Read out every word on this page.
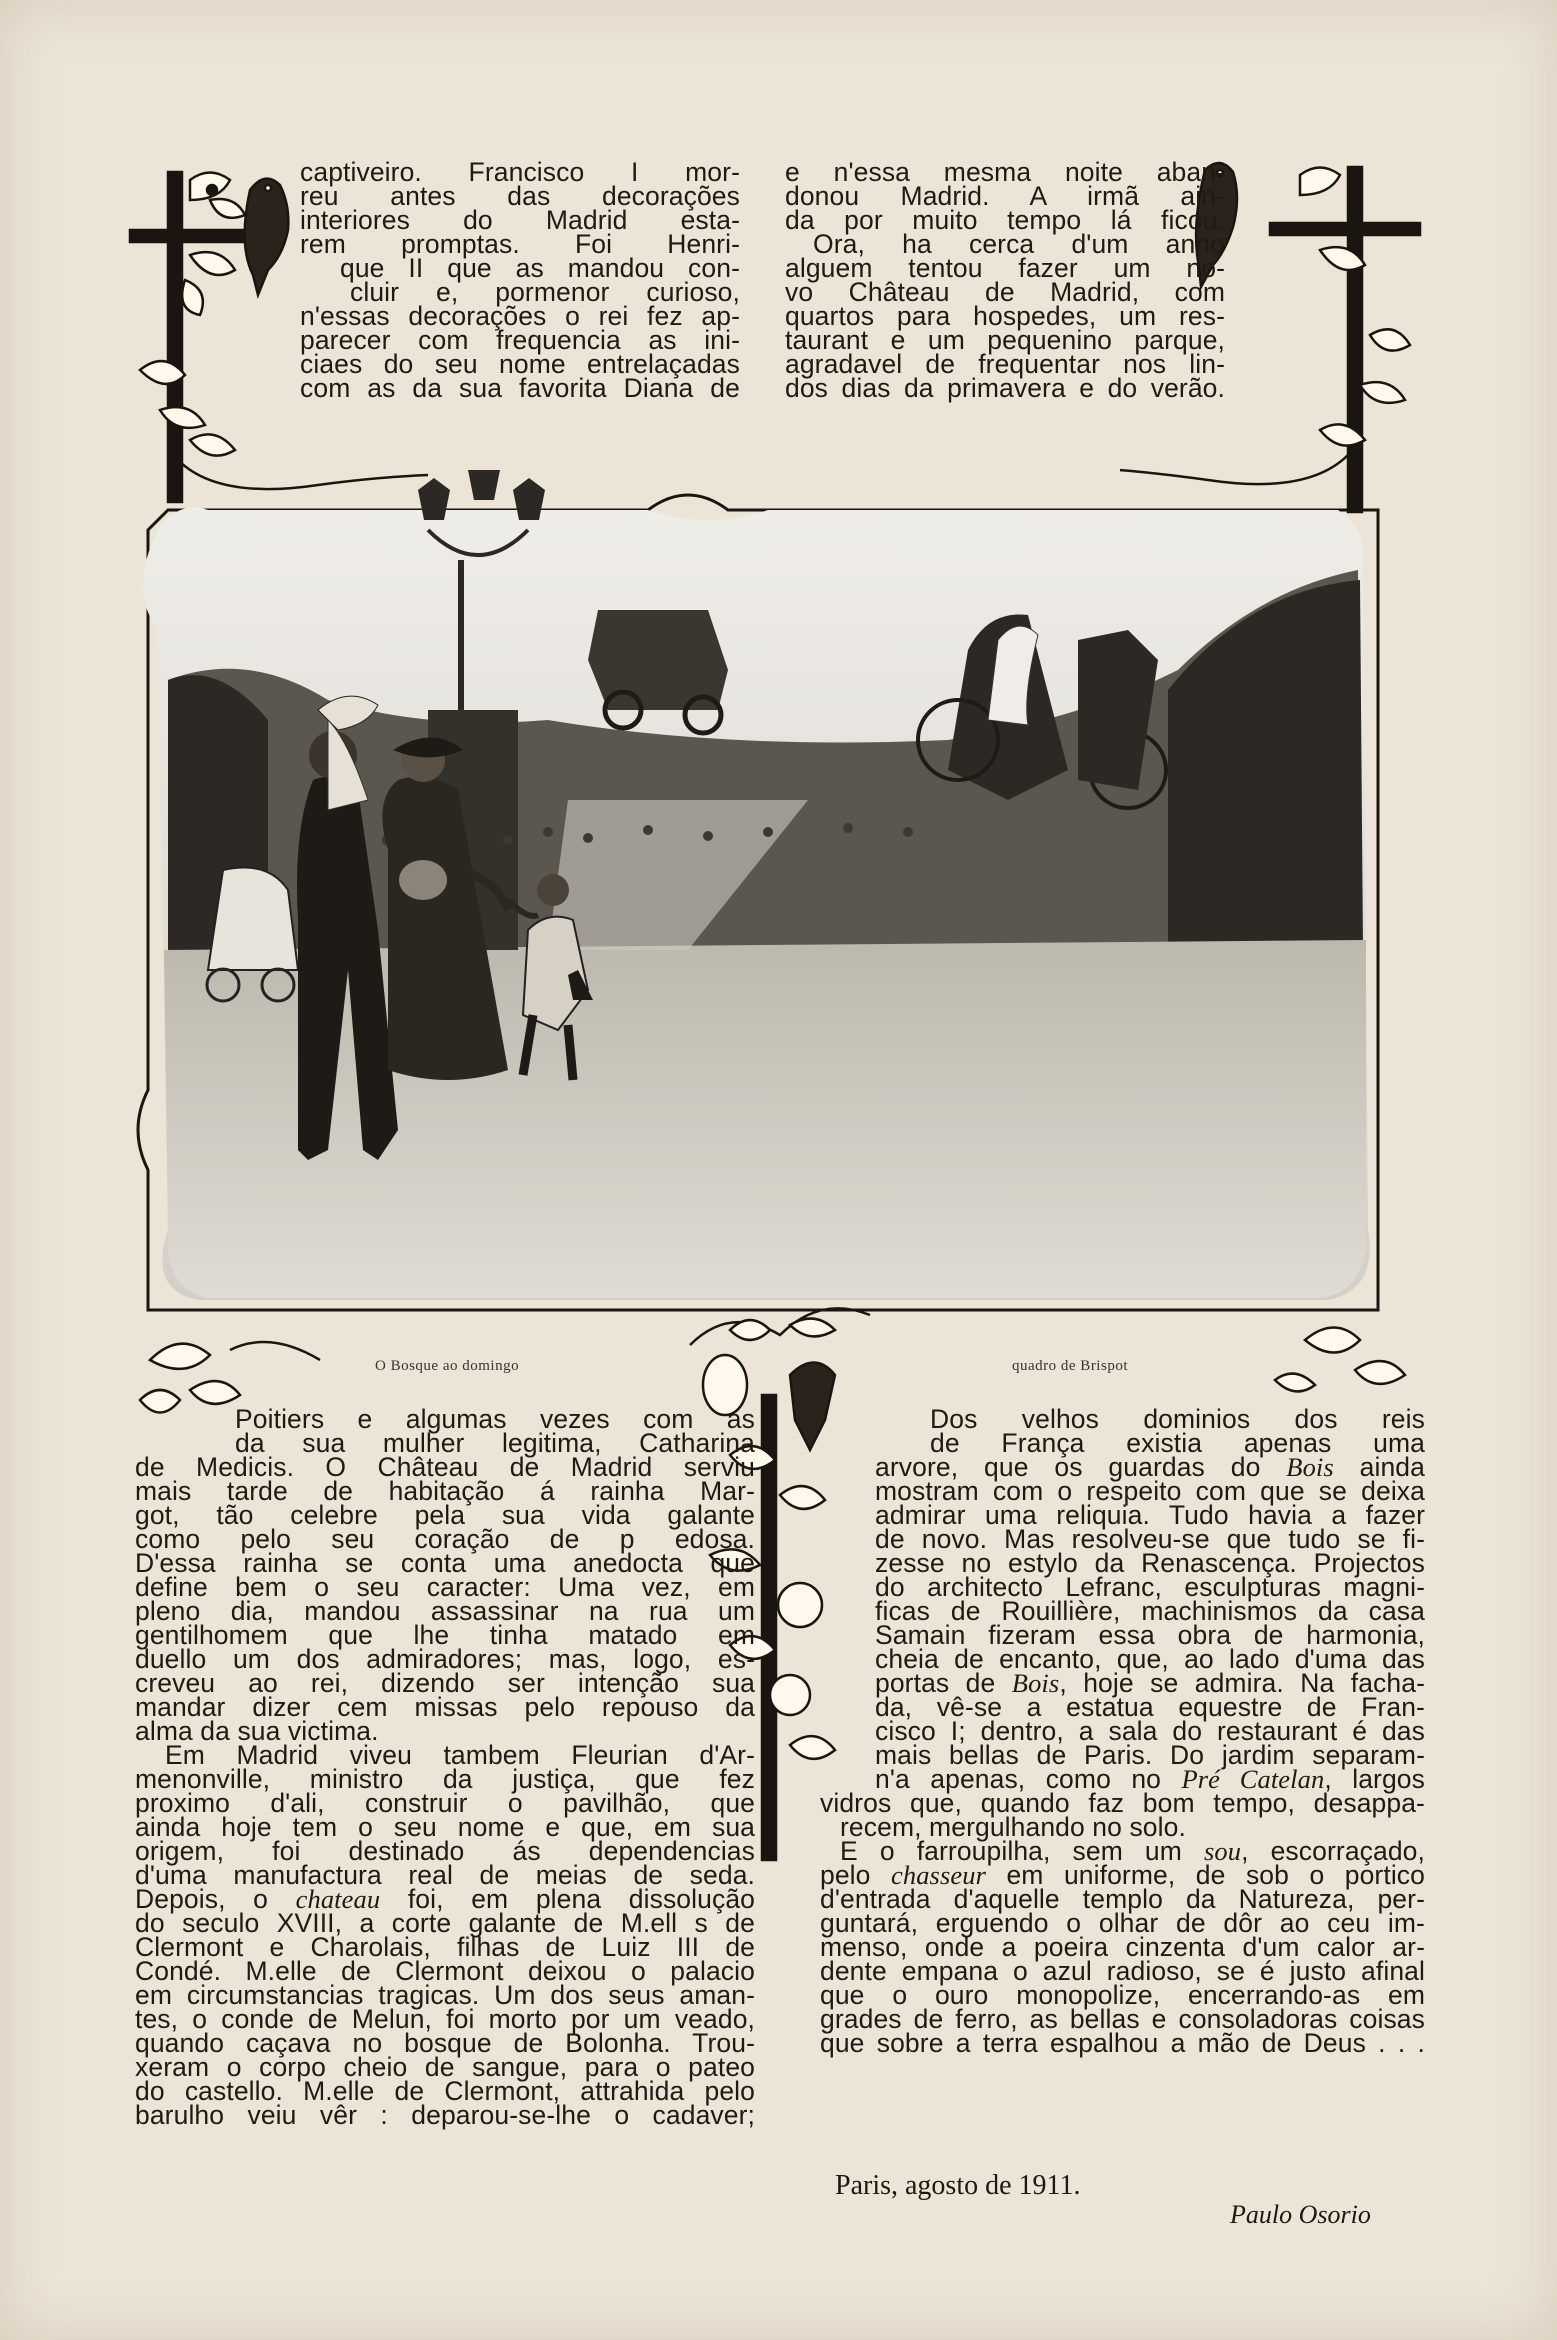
captiveiro. Francisco I mor-
reu antes das decorações
interiores do Madrid esta-
rem promptas. Foi Henri-
que II que as mandou con-
cluir e, pormenor curioso,
n'essas decorações o rei fez ap-
parecer com frequencia as ini-
ciaes do seu nome entrelaçadas
com as da sua favorita Diana de
e n'essa mesma noite aban-
donou Madrid. A irmã ain-
da por muito tempo lá ficou.
Ora, ha cerca d'um anno
alguem tentou fazer um no-
vo Château de Madrid, com
quartos para hospedes, um res-
taurant e um pequenino parque,
agradavel de frequentar nos lin-
dos dias da primavera e do verão.
O Bosque ao domingo	quadro de Brispot
Poitiers e algumas vezes com as
da sua mulher legitima, Catharina
de Medicis. O Château de Madrid serviu
mais tarde de habitação á rainha Mar-
got, tão celebre pela sua vida galante
como pelo seu coração de p edosa.
D'essa rainha se conta uma anedocta que
define bem o seu caracter: Uma vez, em
pleno dia, mandou assassinar na rua um
gentilhomem que lhe tinha matado em
duello um dos admiradores; mas, logo, es-
creveu ao rei, dizendo ser intenção sua
mandar dizer cem missas pelo repouso da
alma da sua victima.
Em Madrid viveu tambem Fleurian d'Ar-
menonville, ministro da justiça, que fez
proximo d'ali, construir o pavilhão, que
ainda hoje tem o seu nome e que, em sua
origem, foi destinado ás dependencias
d'uma manufactura real de meias de seda.
Depois, o chateau foi, em plena dissolução
do seculo XVIII, a corte galante de M.ell s de
Clermont e Charolais, filhas de Luiz III de
Condé. M.elle de Clermont deixou o palacio
em circumstancias tragicas. Um dos seus aman-
tes, o conde de Melun, foi morto por um veado,
quando caçava no bosque de Bolonha. Trou-
xeram o corpo cheio de sangue, para o pateo
do castello. M.elle de Clermont, attrahida pelo
barulho veiu vêr : deparou-se-lhe o cadaver;
Dos velhos dominios dos reis
de França existia apenas uma
arvore, que os guardas do Bois ainda
mostram com o respeito com que se deixa
admirar uma reliquia. Tudo havia a fazer
de novo. Mas resolveu-se que tudo se fi-
zesse no estylo da Renascença. Projectos
do architecto Lefranc, esculpturas magni-
ficas de Rouillière, machinismos da casa
Samain fizeram essa obra de harmonia,
cheia de encanto, que, ao lado d'uma das
portas de Bois, hoje se admira. Na facha-
da, vê-se a estatua equestre de Fran-
cisco I; dentro, a sala do restaurant é das
mais bellas de Paris. Do jardim separam-
n'a apenas, como no Pré Catelan, largos
vidros que, quando faz bom tempo, desappa-
recem, mergulhando no solo.
E o farroupilha, sem um sou, escorraçado,
pelo chasseur em uniforme, de sob o portico
d'entrada d'aquelle templo da Natureza, per-
guntará, erguendo o olhar de dôr ao ceu im-
menso, onde a poeira cinzenta d'um calor ar-
dente empana o azul radioso, se é justo afinal
que o ouro monopolize, encerrando-as em
grades de ferro, as bellas e consoladoras coisas
que sobre a terra espalhou a mão de Deus . . .
Paris, agosto de 1911.
Paulo Osorio
